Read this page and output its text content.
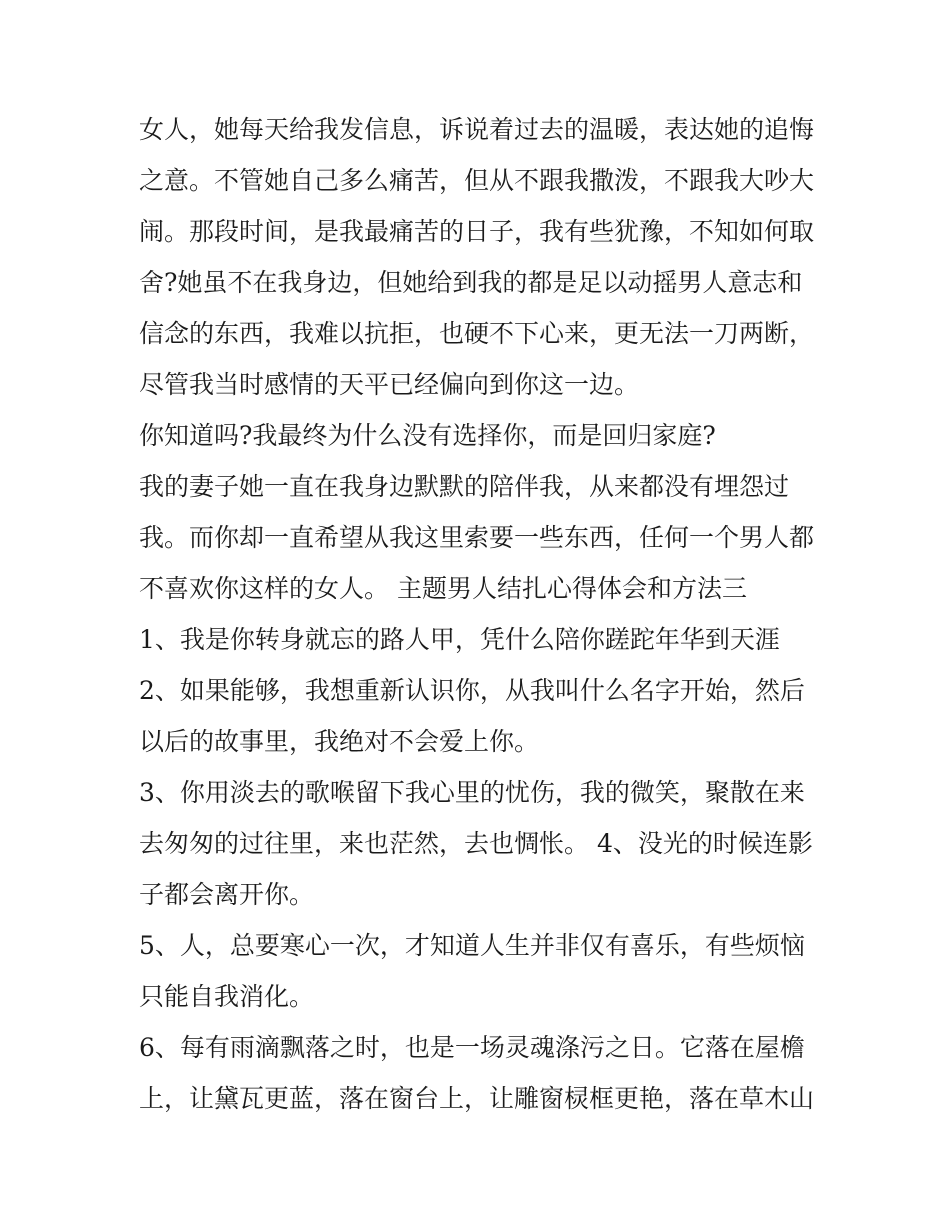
女人，她每天给我发信息，诉说着过去的温暖，表达她的追悔
之意。不管她自己多么痛苦，但从不跟我撒泼，不跟我大吵大
闹。那段时间，是我最痛苦的日子，我有些犹豫，不知如何取
舍?她虽不在我身边，但她给到我的都是足以动摇男人意志和
信念的东西，我难以抗拒，也硬不下心来，更无法一刀两断，
尽管我当时感情的天平已经偏向到你这一边。

你知道吗?我最终为什么没有选择你，而是回归家庭?

我的妻子她一直在我身边默默的陪伴我，从来都没有埋怨过
我。而你却一直希望从我这里索要一些东西，任何一个男人都
不喜欢你这样的女人。 主题男人结扎心得体会和方法三

1、我是你转身就忘的路人甲，凭什么陪你蹉跎年华到天涯

2、如果能够，我想重新认识你，从我叫什么名字开始，然后
以后的故事里，我绝对不会爱上你。

3、你用淡去的歌喉留下我心里的忧伤，我的微笑，聚散在来
去匆匆的过往里，来也茫然，去也惆怅。 4、没光的时候连影
子都会离开你。

5、人，总要寒心一次，才知道人生并非仅有喜乐，有些烦恼
只能自我消化。

6、每有雨滴飘落之时，也是一场灵魂涤污之日。它落在屋檐
上，让黛瓦更蓝，落在窗台上，让雕窗棂框更艳，落在草木山
